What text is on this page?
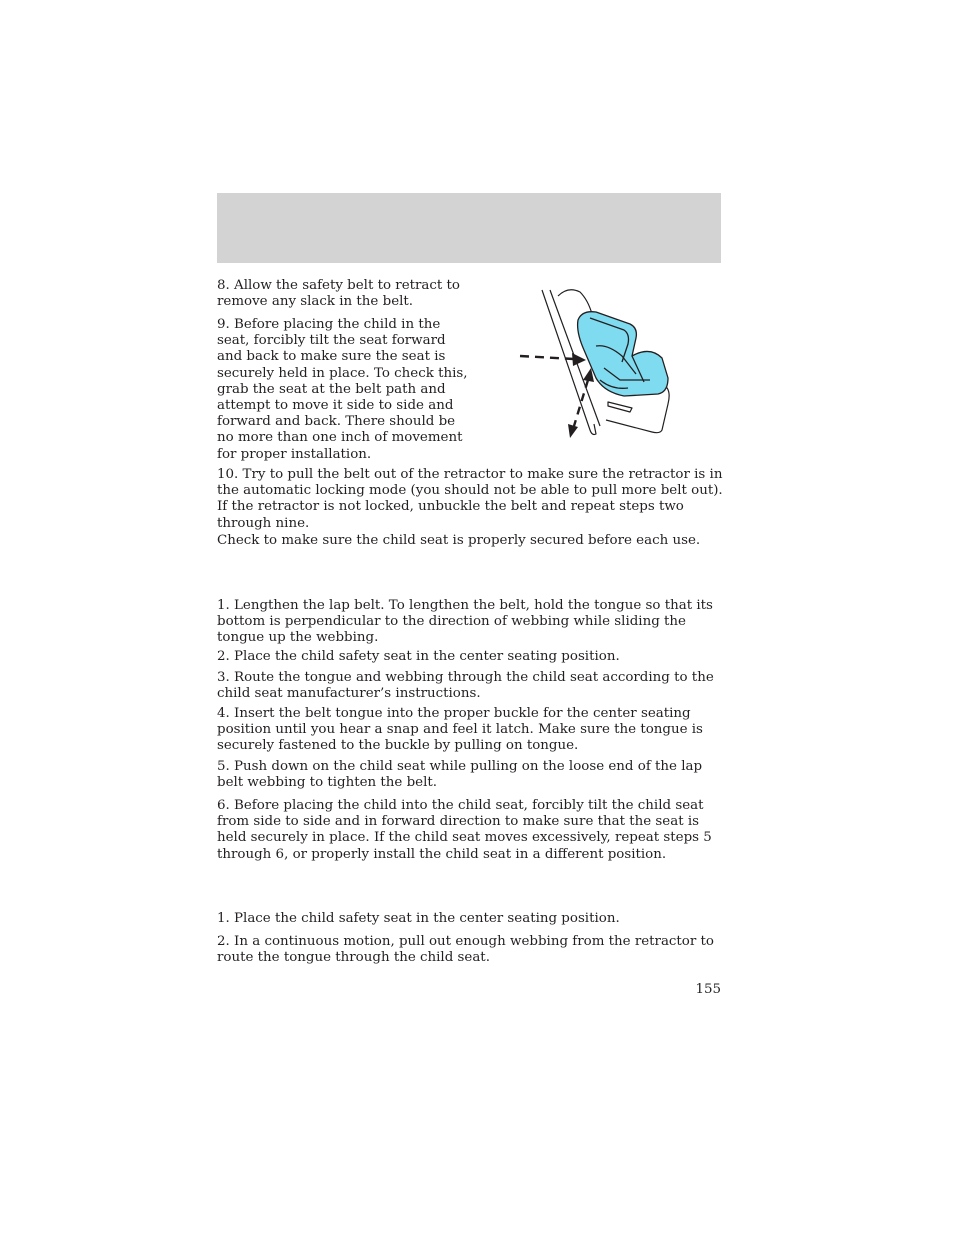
8. Allow the safety belt to retract to remove any slack in the belt.

9. Before placing the child in the seat, forcibly tilt the seat forward and back to make sure the seat is securely held in place. To check this, grab the seat at the belt path and attempt to move it side to side and forward and back. There should be no more than one inch of movement for proper installation.

10. Try to pull the belt out of the retractor to make sure the retractor is in the automatic locking mode (you should not be able to pull more belt out). If the retractor is not locked, unbuckle the belt and repeat steps two through nine.

Check to make sure the child seat is properly secured before each use.

1. Lengthen the lap belt. To lengthen the belt, hold the tongue so that its bottom is perpendicular to the direction of webbing while sliding the tongue up the webbing.

2. Place the child safety seat in the center seating position.

3. Route the tongue and webbing through the child seat according to the child seat manufacturer’s instructions.

4. Insert the belt tongue into the proper buckle for the center seating position until you hear a snap and feel it latch. Make sure the tongue is securely fastened to the buckle by pulling on tongue.

5. Push down on the child seat while pulling on the loose end of the lap belt webbing to tighten the belt.

6. Before placing the child into the child seat, forcibly tilt the child seat from side to side and in forward direction to make sure that the seat is held securely in place. If the child seat moves excessively, repeat steps 5 through 6, or properly install the child seat in a different position.

1. Place the child safety seat in the center seating position.

2. In a continuous motion, pull out enough webbing from the retractor to route the tongue through the child seat.

155
